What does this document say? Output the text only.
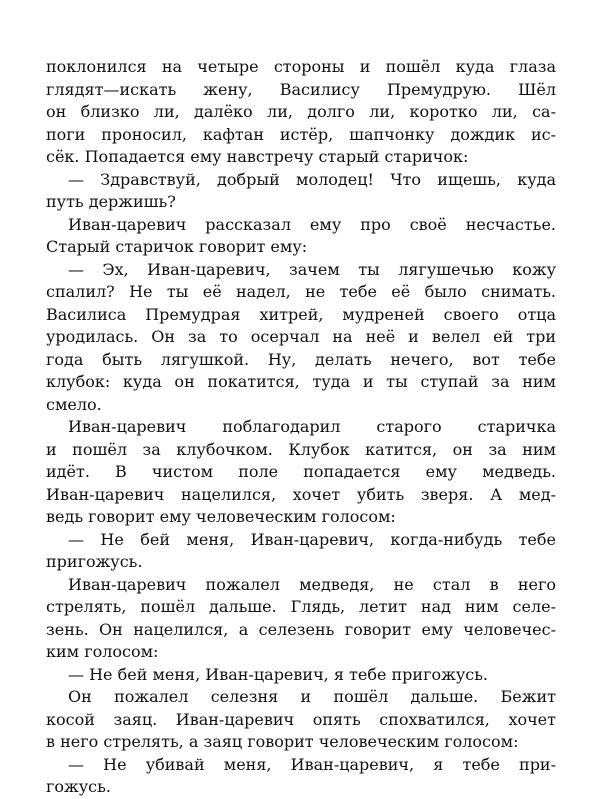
поклонился на четыре стороны и пошёл куда глаза
глядят—искать жену, Василису Премудрую. Шёл
он близко ли, далёко ли, долго ли, коротко ли, са-
поги проносил, кафтан истёр, шапчонку дождик ис-
сёк. Попадается ему навстречу старый старичок:
— Здравствуй, добрый молодец! Что ищешь, куда
путь держишь?
Иван-царевич рассказал ему про своё несчастье.
Старый старичок говорит ему:
— Эх, Иван-царевич, зачем ты лягушечью кожу
спалил? Не ты её надел, не тебе её было снимать.
Василиса Премудрая хитрей, мудреней своего отца
уродилась. Он за то осерчал на неё и велел ей три
года быть лягушкой. Ну, делать нечего, вот тебе
клубок: куда он покатится, туда и ты ступай за ним
смело.
Иван-царевич поблагодарил старого старичка
и пошёл за клубочком. Клубок катится, он за ним
идёт. В чистом поле попадается ему медведь.
Иван-царевич нацелился, хочет убить зверя. А мед-
ведь говорит ему человеческим голосом:
— Не бей меня, Иван-царевич, когда-нибудь тебе
пригожусь.
Иван-царевич пожалел медведя, не стал в него
стрелять, пошёл дальше. Глядь, летит над ним селе-
зень. Он нацелился, а селезень говорит ему человечес-
ким голосом:
— Не бей меня, Иван-царевич, я тебе пригожусь.
Он пожалел селезня и пошёл дальше. Бежит
косой заяц. Иван-царевич опять спохватился, хочет
в него стрелять, а заяц говорит человеческим голосом:
— Не убивай меня, Иван-царевич, я тебе при-
гожусь.
